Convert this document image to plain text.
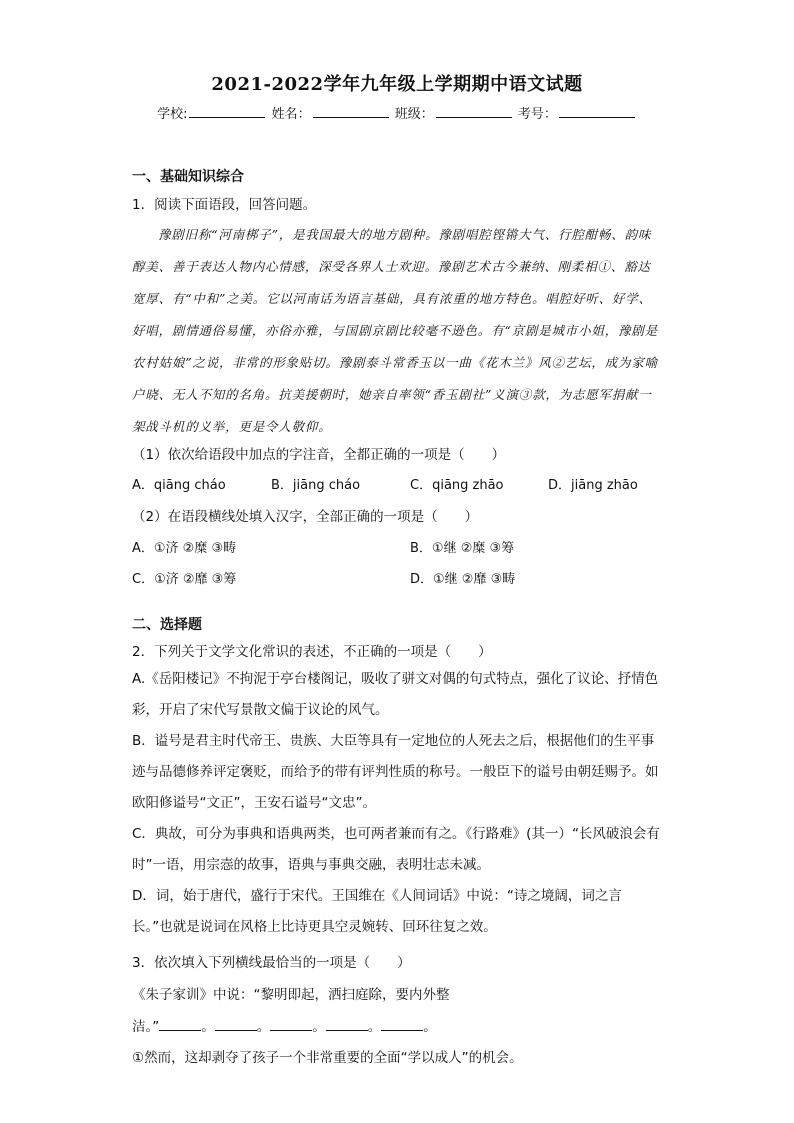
2021-2022学年九年级上学期期中语文试题
学校:	姓名：	班级：	考号：
一、基础知识综合
1．阅读下面语段，回答问题。

豫剧旧称“河南梆子”，是我国最大的地方剧种。豫剧唱腔铿锵大气、行腔酣畅、韵味醇美、善于表达人物内心情感，深受各界人士欢迎。豫剧艺术古今兼纳、刚柔相①、豁达宽厚、有“中和”之美。它以河南话为语言基础，具有浓重的地方特色。唱腔好听、好学、好唱，剧情通俗易懂，亦俗亦雅，与国剧京剧比较毫不逊色。有“京剧是城市小姐，豫剧是农村姑娘”之说，非常的形象贴切。豫剧泰斗常香玉以一曲《花木兰》风②艺坛，成为家喻户晓、无人不知的名角。抗美援朝时，她亲自率领“香玉剧社”义演③款，为志愿军捐献一架战斗机的义举，更是令人敬仰。

（1）依次给语段中加点的字注音，全都正确的一项是（　　）
A．qiāng cháo	B．jiāng cháo	C．qiāng zhāo	D．jiāng zhāo
（2）在语段横线处填入汉字，全部正确的一项是（　　）
A．①济 ②糜 ③畴	B．①继 ②糜 ③筹
C．①济 ②靡 ③筹	D．①继 ②靡 ③畴
二、选择题
2．下列关于文学文化常识的表述，不正确的一项是（　　）

A.《岳阳楼记》不拘泥于亭台楼阁记，吸收了骈文对偶的句式特点，强化了议论、抒情色彩，开启了宋代写景散文偏于议论的风气。

B．谥号是君主时代帝王、贵族、大臣等具有一定地位的人死去之后，根据他们的生平事迹与品德修养评定褒贬，而给予的带有评判性质的称号。一般臣下的谥号由朝廷赐予。如欧阳修谥号“文正”，王安石谥号“文忠”。

C．典故，可分为事典和语典两类，也可两者兼而有之。《行路难》(其一）“长风破浪会有时”一语，用宗悫的故事，语典与事典交融，表明壮志未减。

D．词，始于唐代，盛行于宋代。王国维在《人间词话》中说：“诗之境阔，词之言长。”也就是说词在风格上比诗更具空灵婉转、回环往复之效。

3．依次填入下列横线最恰当的一项是（　　）
《朱子家训》中说：“黎明即起，洒扫庭除，要内外整
洁。”	。	。	。	。	。
①然而，这却剥夺了孩子一个非常重要的全面“学以成人”的机会。
